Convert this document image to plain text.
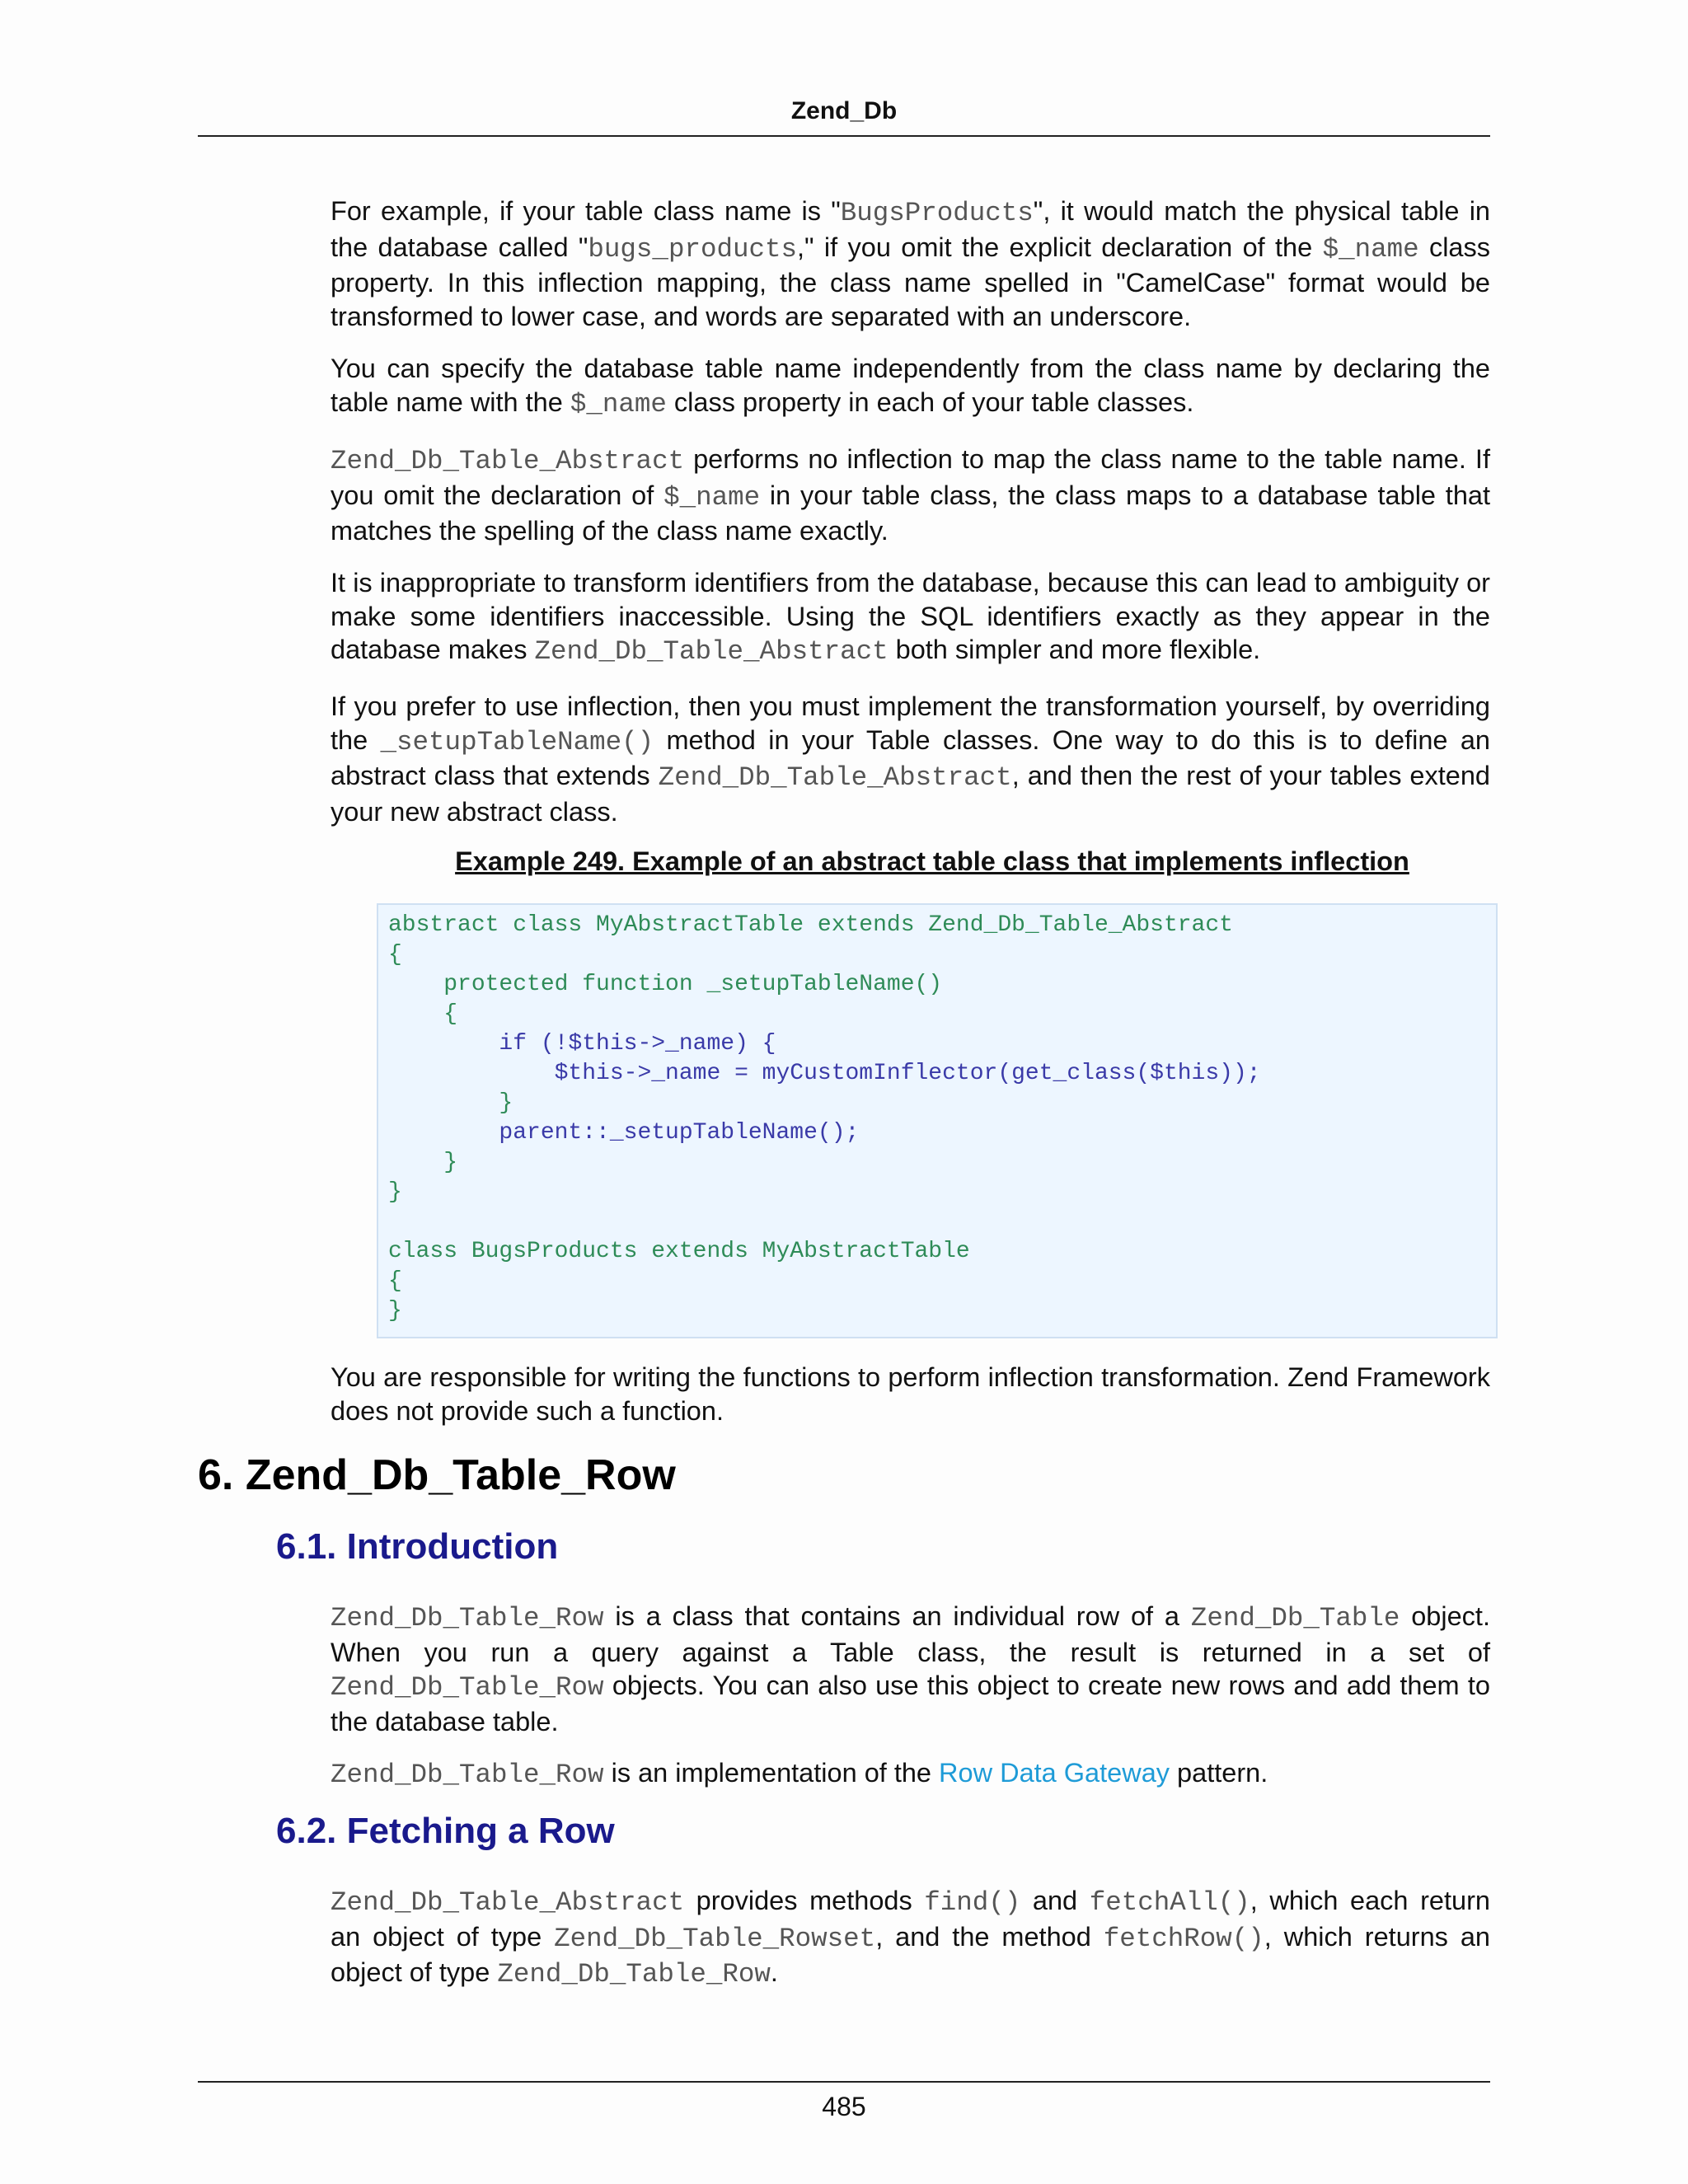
Zend_Db
For example, if your table class name is "BugsProducts", it would match the physical table in the database called "bugs_products," if you omit the explicit declaration of the $_name class property. In this inflection mapping, the class name spelled in "CamelCase" format would be transformed to lower case, and words are separated with an underscore.
You can specify the database table name independently from the class name by declaring the table name with the $_name class property in each of your table classes.
Zend_Db_Table_Abstract performs no inflection to map the class name to the table name. If you omit the declaration of $_name in your table class, the class maps to a database table that matches the spelling of the class name exactly.
It is inappropriate to transform identifiers from the database, because this can lead to ambiguity or make some identifiers inaccessible. Using the SQL identifiers exactly as they appear in the database makes Zend_Db_Table_Abstract both simpler and more flexible.
If you prefer to use inflection, then you must implement the transformation yourself, by overriding the _setupTableName() method in your Table classes. One way to do this is to define an abstract class that extends Zend_Db_Table_Abstract, and then the rest of your tables extend your new abstract class.
Example 249. Example of an abstract table class that implements inflection
abstract class MyAbstractTable extends Zend_Db_Table_Abstract
{
protected function _setupTableName()
{
if (!$this->_name) {
$this->_name = myCustomInflector(get_class($this));
}
parent::_setupTableName();
}
}

class BugsProducts extends MyAbstractTable
{
}
You are responsible for writing the functions to perform inflection transformation. Zend Framework does not provide such a function.
6. Zend_Db_Table_Row
6.1. Introduction
Zend_Db_Table_Row is a class that contains an individual row of a Zend_Db_Table object. When you run a query against a Table class, the result is returned in a set of Zend_Db_Table_Row objects. You can also use this object to create new rows and add them to the database table.
Zend_Db_Table_Row is an implementation of the Row Data Gateway pattern.
6.2. Fetching a Row
Zend_Db_Table_Abstract provides methods find() and fetchAll(), which each return an object of type Zend_Db_Table_Rowset, and the method fetchRow(), which returns an object of type Zend_Db_Table_Row.
485
